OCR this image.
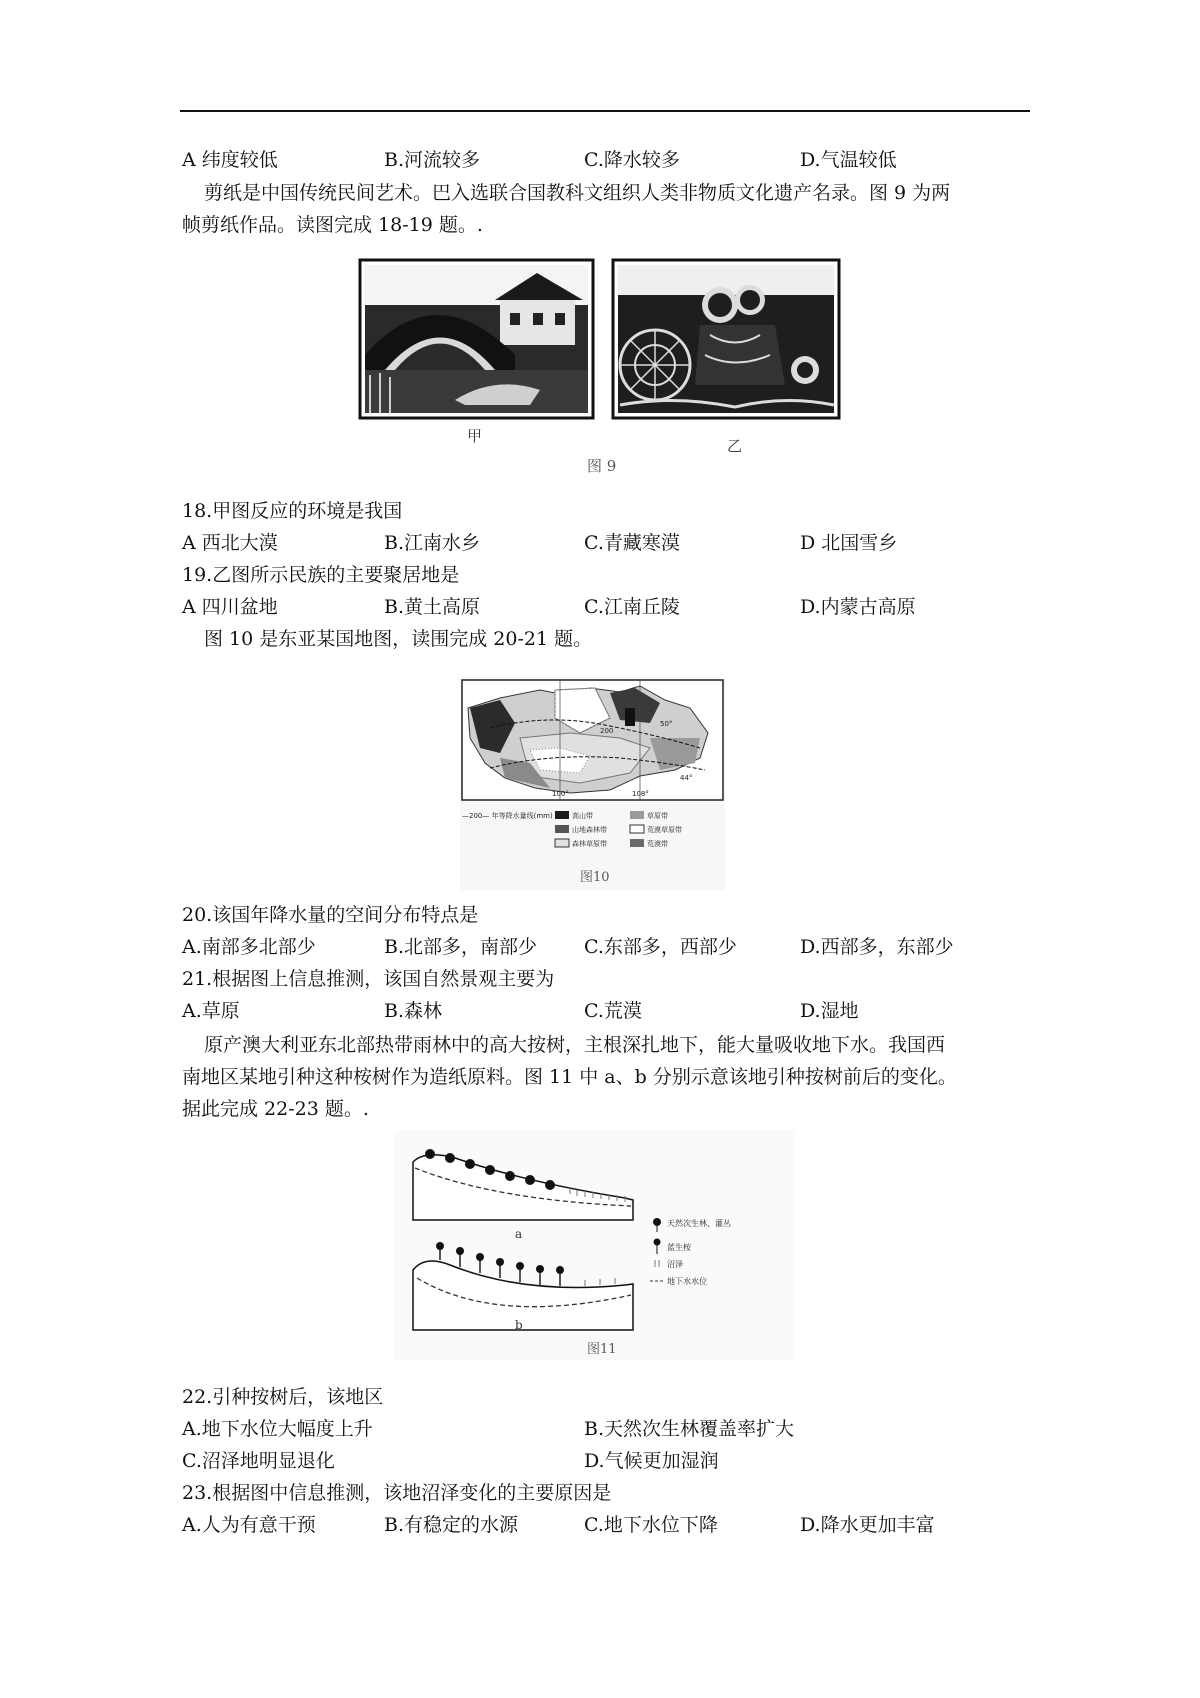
A 纬度较低	B.河流较多	C.降水较多	D.气温较低
剪纸是中国传统民间艺术。巴入选联合国教科文组织人类非物质文化遗产名录。图 9 为两
帧剪纸作品。读图完成 18-19 题。.
甲
乙
图 9
18.甲图反应的环境是我国
A 西北大漠	B.江南水乡	C.青藏寒漠	D 北国雪乡
19.乙图所示民族的主要聚居地是
A 四川盆地	B.黄土高原	C.江南丘陵	D.内蒙古高原
图 10 是东亚某国地图，读围完成 20-21 题。
100
200
100°	108°
50°
44°
—200— 年等降水量线(mm)	高山带	草原带
山地森林带	荒漠草原带
森林草原带	荒漠带
图10
20.该国年降水量的空间分布特点是
A.南部多北部少	B.北部多，南部少 C.东部多，西部少	D.西部多，东部少
21.根据图上信息推测，该国自然景观主要为
A.草原	B.森林	C.荒漠	D.湿地
原产澳大利亚东北部热带雨林中的高大按树，主根深扎地下，能大量吸收地下水。我国西
南地区某地引种这种桉树作为造纸原料。图 11 中 a、b 分别示意该地引种按树前后的变化。
据此完成 22-23 题。.
天然次生林、灌丛
蓝生桉
沼泽
地下水水位
a
b
图11
22.引种按树后，该地区
A.地下水位大幅度上升	B.天然次生林覆盖率扩大
C.沼泽地明显退化	D.气候更加湿润
23.根据图中信息推测，该地沼泽变化的主要原因是
A.人为有意干预	B.有稳定的水源	C.地下水位下降	D.降水更加丰富
